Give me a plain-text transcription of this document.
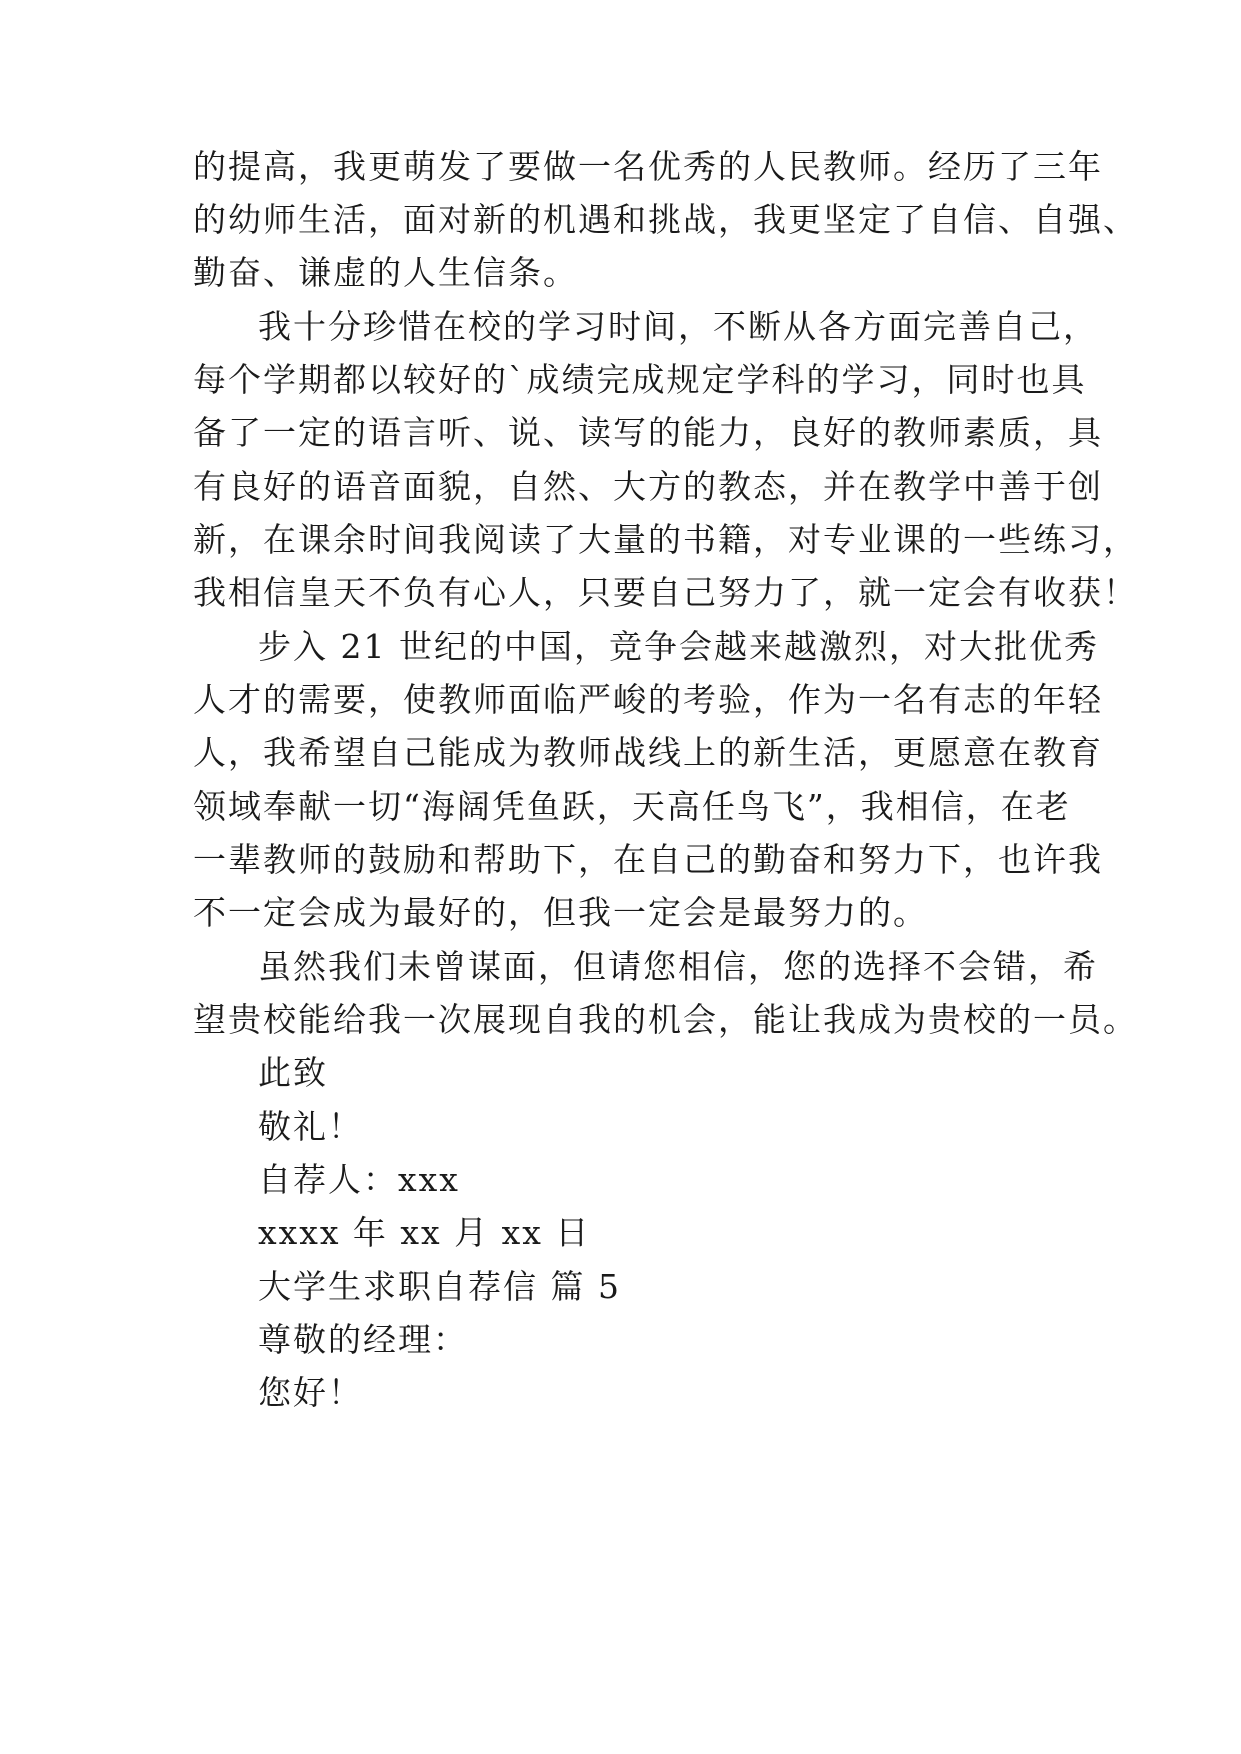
的提高，我更萌发了要做一名优秀的人民教师。经历了三年
的幼师生活，面对新的机遇和挑战，我更坚定了自信、自强、
勤奋、谦虚的人生信条。
我十分珍惜在校的学习时间，不断从各方面完善自己，
每个学期都以较好的`成绩完成规定学科的学习，同时也具
备了一定的语言听、说、读写的能力，良好的教师素质，具
有良好的语音面貌，自然、大方的教态，并在教学中善于创
新，在课余时间我阅读了大量的书籍，对专业课的一些练习，
我相信皇天不负有心人，只要自己努力了，就一定会有收获！
步入 21 世纪的中国，竞争会越来越激烈，对大批优秀
人才的需要，使教师面临严峻的考验，作为一名有志的年轻
人，我希望自己能成为教师战线上的新生活，更愿意在教育
领域奉献一切“海阔凭鱼跃，天高任鸟飞”，我相信，在老
一辈教师的鼓励和帮助下，在自己的勤奋和努力下，也许我
不一定会成为最好的，但我一定会是最努力的。
虽然我们未曾谋面，但请您相信，您的选择不会错，希
望贵校能给我一次展现自我的机会，能让我成为贵校的一员。
此致
敬礼！
自荐人：xxx
xxxx 年 xx 月 xx 日
大学生求职自荐信 篇 5
尊敬的经理：
您好！
